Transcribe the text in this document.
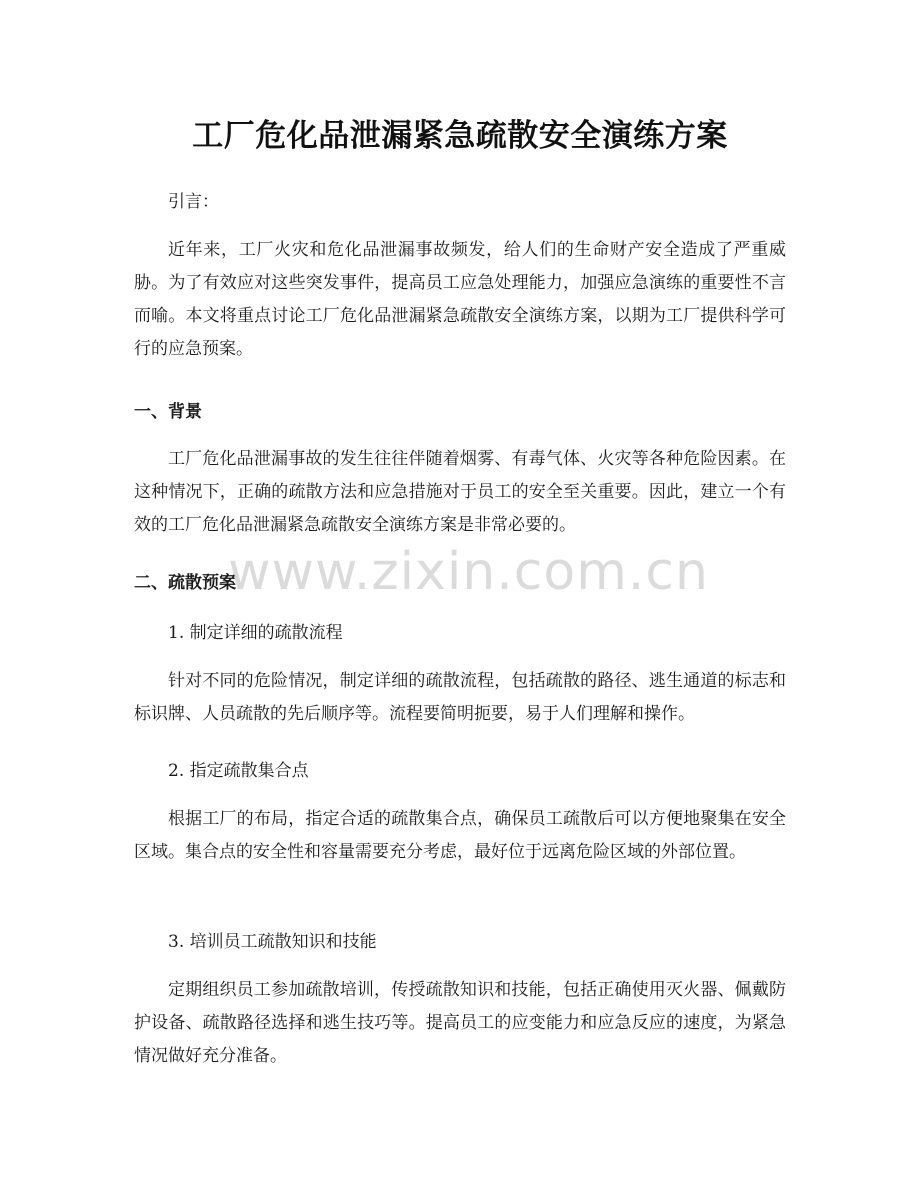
工厂危化品泄漏紧急疏散安全演练方案
引言：
近年来，工厂火灾和危化品泄漏事故频发，给人们的生命财产安全造成了严重威胁。为了有效应对这些突发事件，提高员工应急处理能力，加强应急演练的重要性不言而喻。本文将重点讨论工厂危化品泄漏紧急疏散安全演练方案，以期为工厂提供科学可行的应急预案。
一、背景
工厂危化品泄漏事故的发生往往伴随着烟雾、有毒气体、火灾等各种危险因素。在这种情况下，正确的疏散方法和应急措施对于员工的安全至关重要。因此，建立一个有效的工厂危化品泄漏紧急疏散安全演练方案是非常必要的。
二、疏散预案
1. 制定详细的疏散流程
针对不同的危险情况，制定详细的疏散流程，包括疏散的路径、逃生通道的标志和标识牌、人员疏散的先后顺序等。流程要简明扼要，易于人们理解和操作。
2. 指定疏散集合点
根据工厂的布局，指定合适的疏散集合点，确保员工疏散后可以方便地聚集在安全区域。集合点的安全性和容量需要充分考虑，最好位于远离危险区域的外部位置。
3. 培训员工疏散知识和技能
定期组织员工参加疏散培训，传授疏散知识和技能，包括正确使用灭火器、佩戴防护设备、疏散路径选择和逃生技巧等。提高员工的应变能力和应急反应的速度，为紧急情况做好充分准备。
www.zixin.com.cn
